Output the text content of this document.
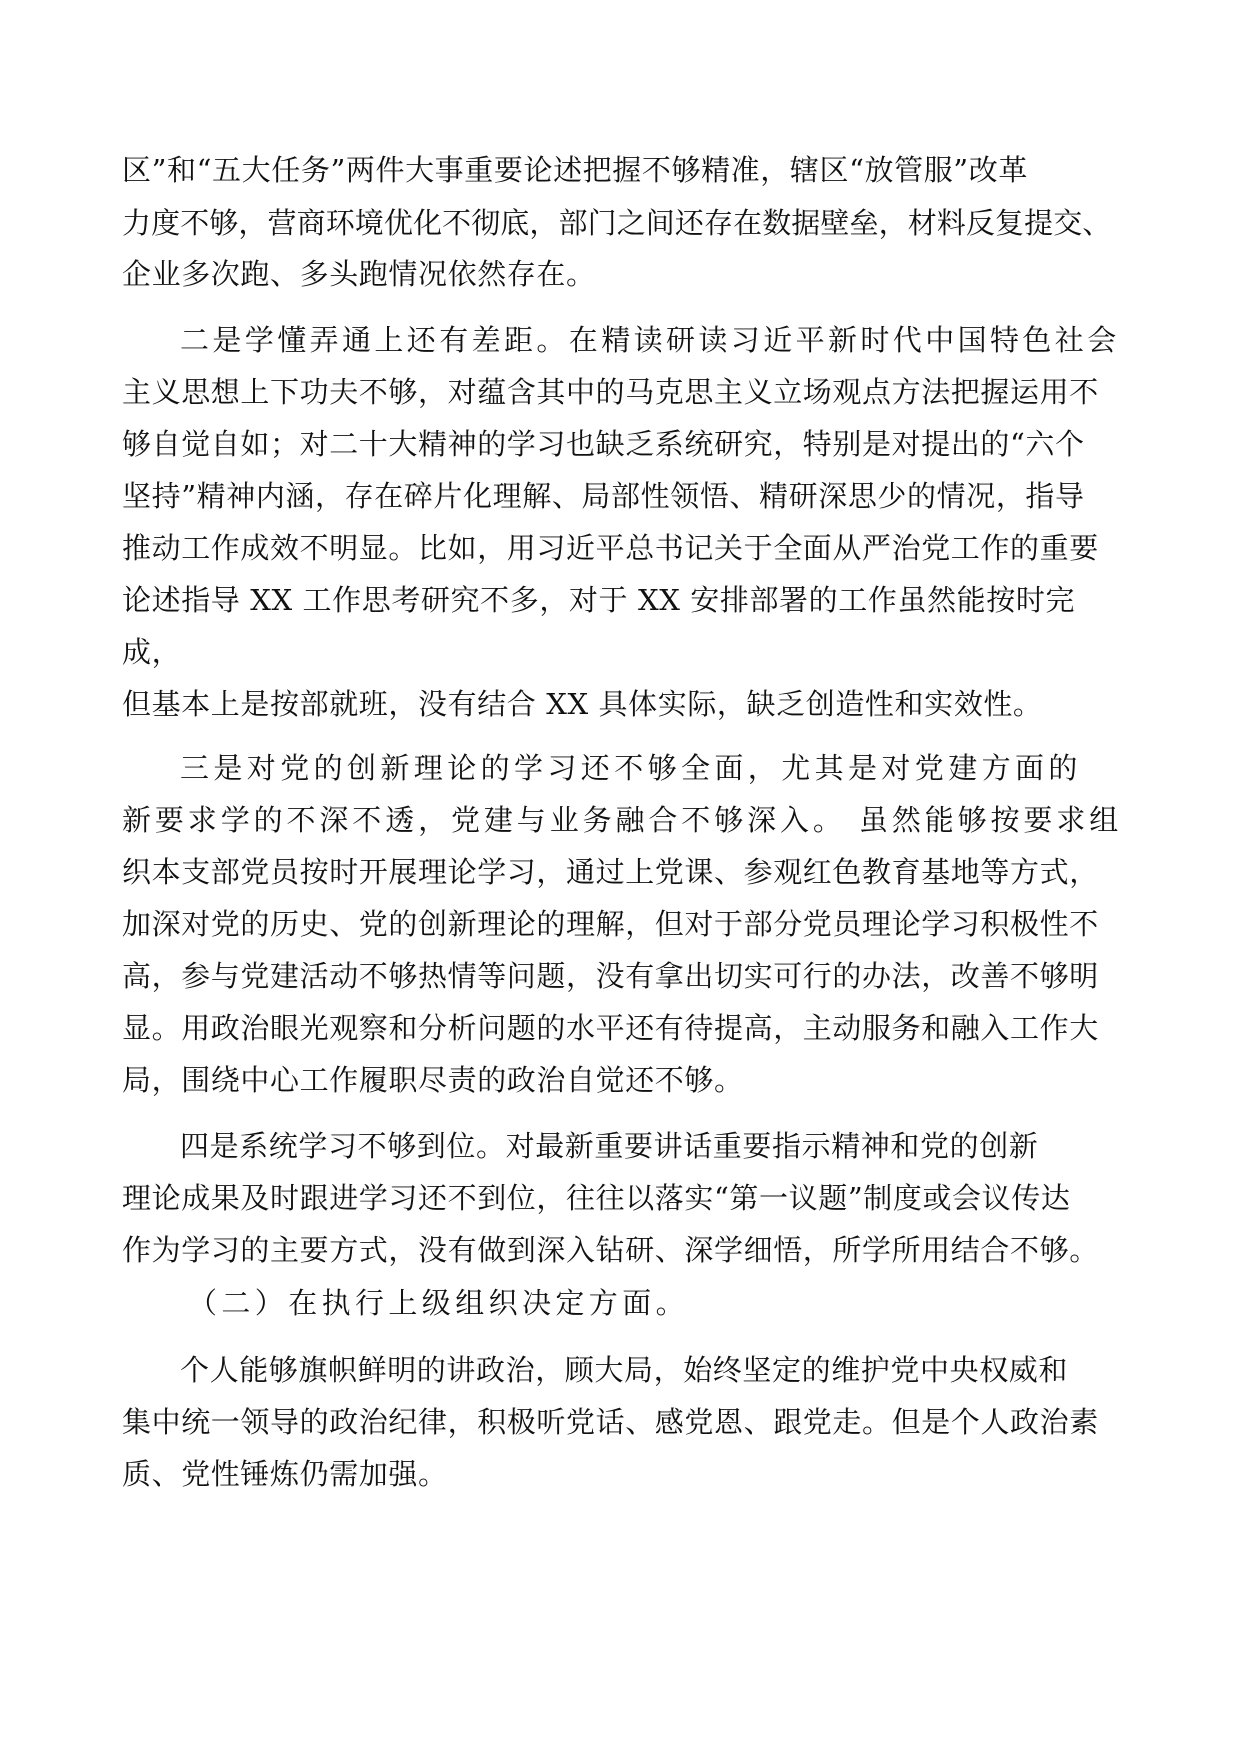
区”和“五大任务”两件大事重要论述把握不够精准，辖区“放管服”改革

力度不够，营商环境优化不彻底，部门之间还存在数据壁垒，材料反复提交、

企业多次跑、多头跑情况依然存在。

二是学懂弄通上还有差距。在精读研读习近平新时代中国特色社会

主义思想上下功夫不够，对蕴含其中的马克思主义立场观点方法把握运用不

够自觉自如；对二十大精神的学习也缺乏系统研究，特别是对提出的“六个

坚持”精神内涵，存在碎片化理解、局部性领悟、精研深思少的情况，指导

推动工作成效不明显。比如，用习近平总书记关于全面从严治党工作的重要

论述指导 XX 工作思考研究不多，对于 XX 安排部署的工作虽然能按时完

成，

但基本上是按部就班，没有结合 XX 具体实际，缺乏创造性和实效性。

三是对党的创新理论的学习还不够全面，尤其是对党建方面的

新要求学的不深不透，党建与业务融合不够深入。 虽然能够按要求组

织本支部党员按时开展理论学习，通过上党课、参观红色教育基地等方式，

加深对党的历史、党的创新理论的理解，但对于部分党员理论学习积极性不

高，参与党建活动不够热情等问题，没有拿出切实可行的办法，改善不够明

显。用政治眼光观察和分析问题的水平还有待提高，主动服务和融入工作大

局，围绕中心工作履职尽责的政治自觉还不够。

四是系统学习不够到位。对最新重要讲话重要指示精神和党的创新

理论成果及时跟进学习还不到位，往往以落实“第一议题”制度或会议传达

作为学习的主要方式，没有做到深入钻研、深学细悟，所学所用结合不够。

（二）在执行上级组织决定方面。

个人能够旗帜鲜明的讲政治，顾大局，始终坚定的维护党中央权威和

集中统一领导的政治纪律，积极听党话、感党恩、跟党走。但是个人政治素

质、党性锤炼仍需加强。
